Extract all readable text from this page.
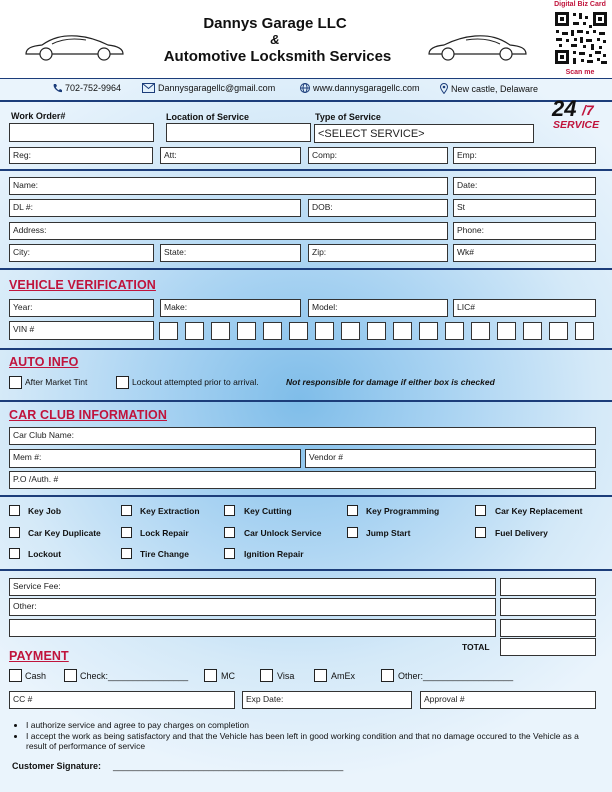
Dannys Garage LLC
&
Automotive Locksmith Services
Digital Biz Card
Scan me
702-752-9964	Dannysgaragellc@gmail.com	www.dannysgaragellc.com	New castle, Delaware
24 /7
SERVICE
Work Order#	Location of Service	Type of Service
<SELECT SERVICE>
Reg:	Att:	Comp:	Emp:
Name:	Date:
DL #:	DOB:	St
Address:	Phone:
City:	State:	Zip:	Wk#
VEHICLE VERIFICATION
Year:	Make:	Model:	LIC#
VIN #
AUTO INFO
After Market Tint	Lockout attempted prior to arrival.	Not responsible for damage if either box is checked
CAR CLUB INFORMATION
Car Club Name:
Mem #:	Vendor #
P.O /Auth. #
Key Job	Key Extraction	Key Cutting	Key Programming	Car Key Replacement
Car Key Duplicate	Lock Repair	Car Unlock Service	Jump Start	Fuel Delivery
Lockout	Tire Change	Ignition Repair
Service Fee:
Other:
TOTAL
PAYMENT
Cash	Check:________________	MC	Visa	AmEx	Other:__________________
CC #	Exp Date:	Approval #
• I authorize service and agree to pay charges on completion
• I accept the work as being satisfactory and that the Vehicle has been left in good working condition and that no damage occured to the Vehicle as a result of performance of service
Customer Signature: ______________________________________________
